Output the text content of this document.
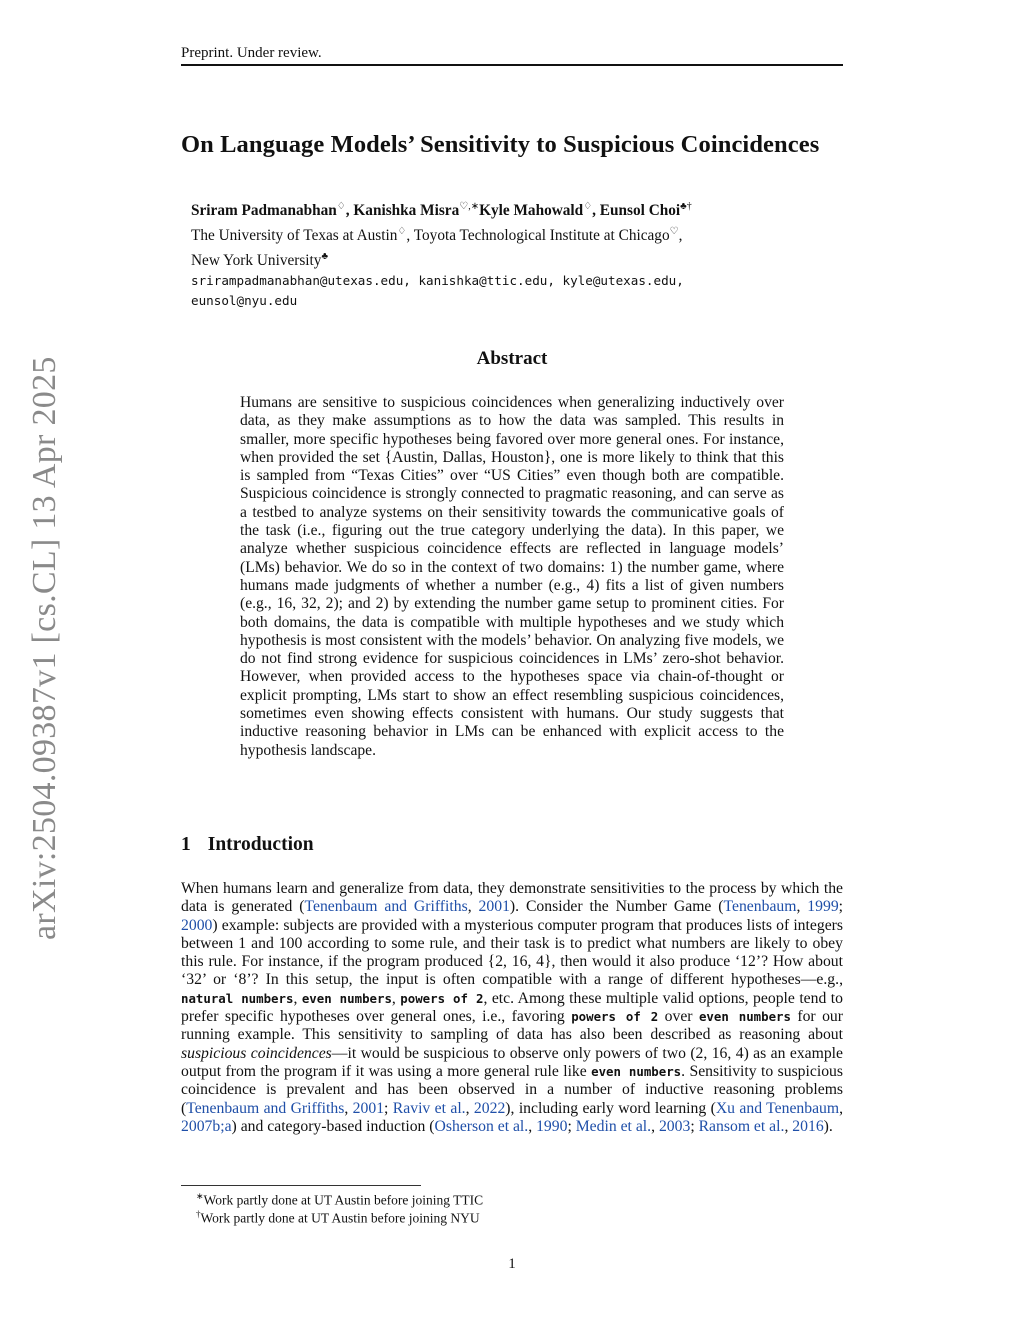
Preprint. Under review.
On Language Models’ Sensitivity to Suspicious Coincidences
Sriram Padmanabhan♢, Kanishka Misra♡,∗Kyle Mahowald♢, Eunsol Choi♣†
The University of Texas at Austin♢, Toyota Technological Institute at Chicago♡,
New York University♣
srirampadmanabhan@utexas.edu, kanishka@ttic.edu, kyle@utexas.edu,
eunsol@nyu.edu
Abstract
Humans are sensitive to suspicious coincidences when generalizing inductively over data, as they make assumptions as to how the data was sampled. This results in smaller, more specific hypotheses being favored over more general ones. For instance, when provided the set {Austin, Dallas, Houston}, one is more likely to think that this is sampled from “Texas Cities” over “US Cities” even though both are compatible. Suspicious coincidence is strongly connected to pragmatic reasoning, and can serve as a testbed to analyze systems on their sensitivity towards the communicative goals of the task (i.e., figuring out the true category underlying the data). In this paper, we analyze whether suspicious coincidence effects are reflected in language models’ (LMs) behavior. We do so in the context of two domains: 1) the number game, where humans made judgments of whether a number (e.g., 4) fits a list of given numbers (e.g., 16, 32, 2); and 2) by extending the number game setup to prominent cities. For both domains, the data is compatible with multiple hypotheses and we study which hypothesis is most consistent with the models’ behavior. On analyzing five models, we do not find strong evidence for suspicious coincidences in LMs’ zero-shot behavior. However, when provided access to the hypotheses space via chain-of-thought or explicit prompting, LMs start to show an effect resembling suspicious coincidences, sometimes even showing effects consistent with humans. Our study suggests that inductive reasoning behavior in LMs can be enhanced with explicit access to the hypothesis landscape.
arXiv:2504.09387v1 [cs.CL] 13 Apr 2025	1 Introduction
When humans learn and generalize from data, they demonstrate sensitivities to the process by which the data is generated (Tenenbaum and Griffiths, 2001). Consider the Number Game (Tenenbaum, 1999; 2000) example: subjects are provided with a mysterious computer program that produces lists of integers between 1 and 100 according to some rule, and their task is to predict what numbers are likely to obey this rule. For instance, if the program produced {2, 16, 4}, then would it also produce ‘12’? How about ‘32’ or ‘8’? In this setup, the input is often compatible with a range of different hypotheses—e.g., natural numbers, even numbers, powers of 2, etc. Among these multiple valid options, people tend to prefer specific hypotheses over general ones, i.e., favoring powers of 2 over even numbers for our running example. This sensitivity to sampling of data has also been described as reasoning about suspicious coincidences—it would be suspicious to observe only powers of two (2, 16, 4) as an example output from the program if it was using a more general rule like even numbers. Sensitivity to suspicious coincidence is prevalent and has been observed in a number of inductive reasoning problems (Tenenbaum and Griffiths, 2001; Raviv et al., 2022), including early word learning (Xu and Tenenbaum, 2007b;a) and category-based induction (Osherson et al., 1990; Medin et al., 2003; Ransom et al., 2016).
∗Work partly done at UT Austin before joining TTIC
†Work partly done at UT Austin before joining NYU
1
